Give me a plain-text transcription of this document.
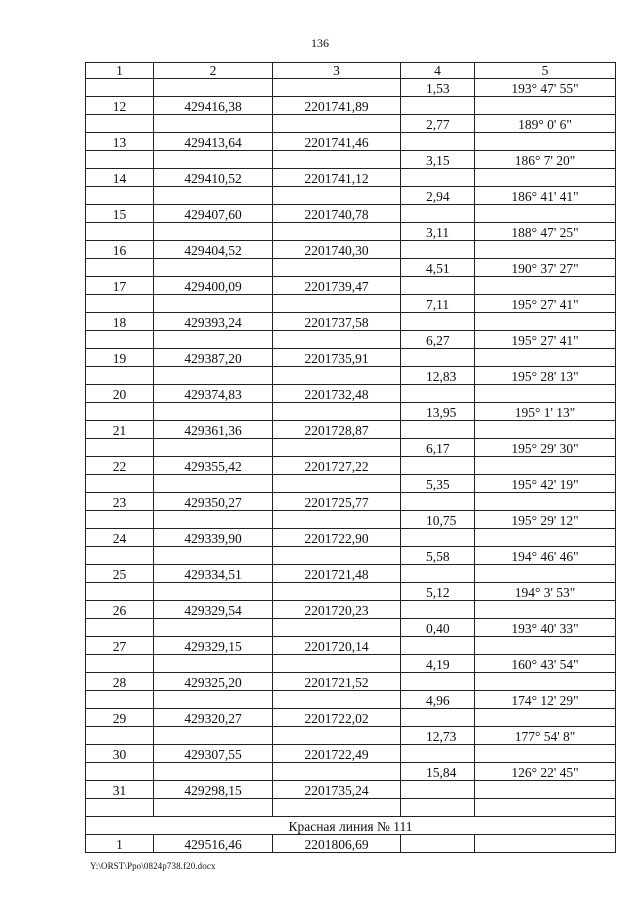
136
1	2	3	4	5
			1,53	193° 47' 55"
12	429416,38	2201741,89		
			2,77	189° 0' 6"
13	429413,64	2201741,46		
			3,15	186° 7' 20"
14	429410,52	2201741,12		
			2,94	186° 41' 41"
15	429407,60	2201740,78		
			3,11	188° 47' 25"
16	429404,52	2201740,30		
			4,51	190° 37' 27"
17	429400,09	2201739,47		
			7,11	195° 27' 41"
18	429393,24	2201737,58		
			6,27	195° 27' 41"
19	429387,20	2201735,91		
			12,83	195° 28' 13"
20	429374,83	2201732,48		
			13,95	195° 1' 13"
21	429361,36	2201728,87		
			6,17	195° 29' 30"
22	429355,42	2201727,22		
			5,35	195° 42' 19"
23	429350,27	2201725,77		
			10,75	195° 29' 12"
24	429339,90	2201722,90		
			5,58	194° 46' 46"
25	429334,51	2201721,48		
			5,12	194° 3' 53"
26	429329,54	2201720,23		
			0,40	193° 40' 33"
27	429329,15	2201720,14		
			4,19	160° 43' 54"
28	429325,20	2201721,52		
			4,96	174° 12' 29"
29	429320,27	2201722,02		
			12,73	177° 54' 8"
30	429307,55	2201722,49		
			15,84	126° 22' 45"
31	429298,15	2201735,24		

Красная линия № 111				
1	429516,46	2201806,69		
Y:\ORST\Ppo\0824p738.f20.docx
